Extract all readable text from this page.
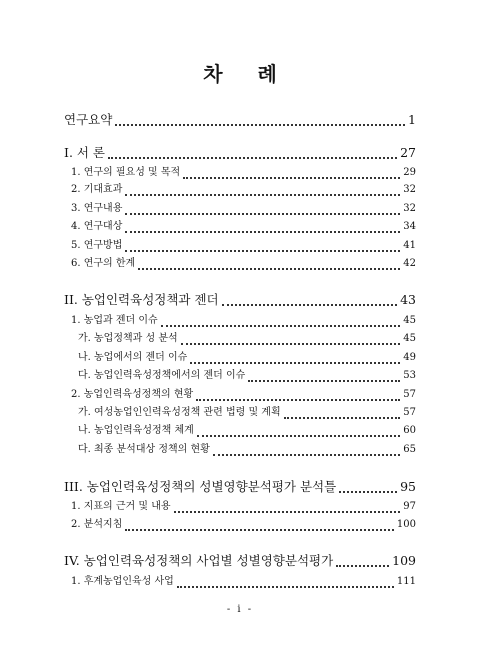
차 례
연구요약	1
I. 서 론	27
1. 연구의 필요성 및 목적	29
2. 기대효과	32
3. 연구내용	32
4. 연구대상	34
5. 연구방법	41
6. 연구의 한계	42
II. 농업인력육성정책과 젠더	43
1. 농업과 젠더 이슈	45
가. 농업정책과 성 분석	45
나. 농업에서의 젠더 이슈	49
다. 농업인력육성정책에서의 젠더 이슈	53
2. 농업인력육성정책의 현황	57
가. 여성농업인인력육성정책 관련 법령 및 계획	57
나. 농업인력육성정책 체계	60
다. 최종 분석대상 정책의 현황	65
III. 농업인력육성정책의 성별영향분석평가 분석틀	95
1. 지표의 근거 및 내용	97
2. 분석지침	100
IV. 농업인력육성정책의 사업별 성별영향분석평가	109
1. 후계농업인육성 사업	111
- i -
